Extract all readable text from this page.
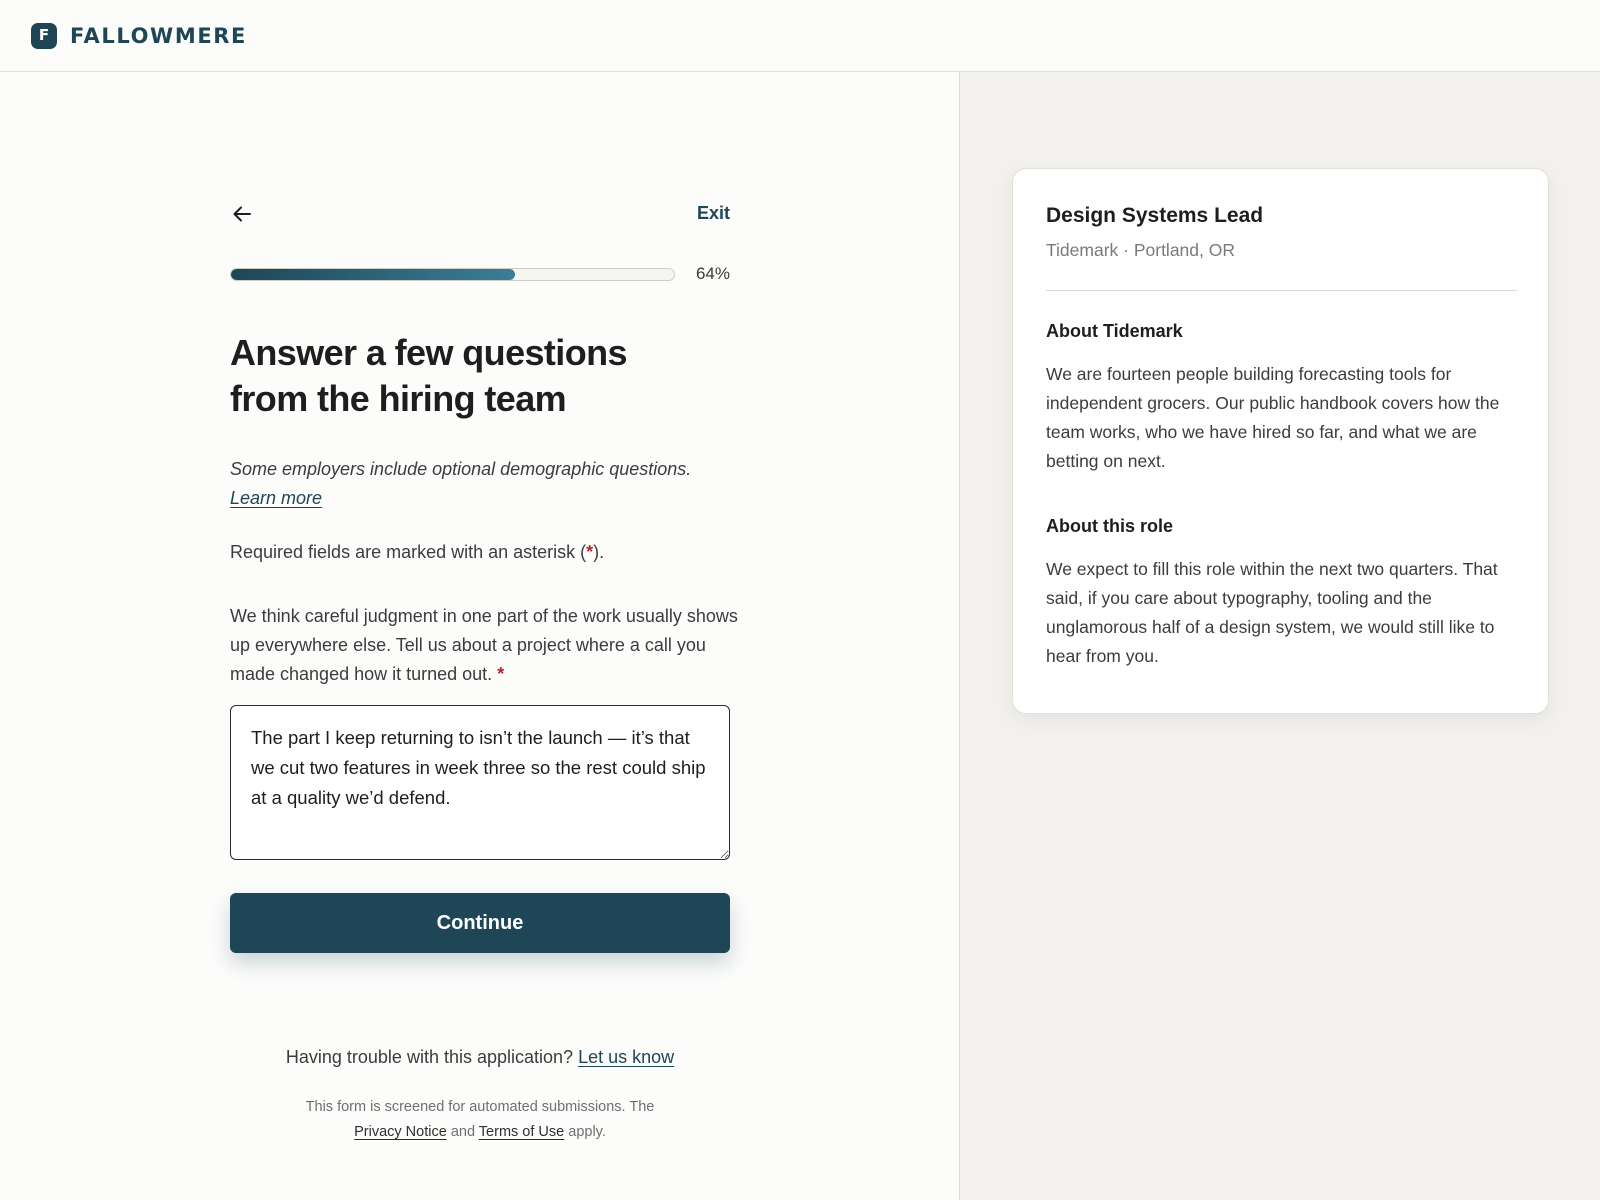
F FALLOWMERE
Exit
64%
Answer a few questions
from the hiring team

Some employers include optional demographic questions.
Learn more

Required fields are marked with an asterisk (*).

We think careful judgment in one part of the work usually shows up everywhere else. Tell us about a project where a call you made changed how it turned out. *
The part I keep returning to isn’t the launch — it’s that we cut two features in week three so the rest could ship at a quality we’d defend.
Continue

Having trouble with this application? Let us know

This form is screened for automated submissions. The
Privacy Notice and Terms of Use apply.

Design Systems Lead
Tidemark · Portland, OR
About Tidemark

We are fourteen people building forecasting tools for independent grocers. Our public handbook covers how the team works, who we have hired so far, and what we are betting on next.

About this role

We expect to fill this role within the next two quarters. That said, if you care about typography, tooling and the unglamorous half of a design system, we would still like to hear from you.
